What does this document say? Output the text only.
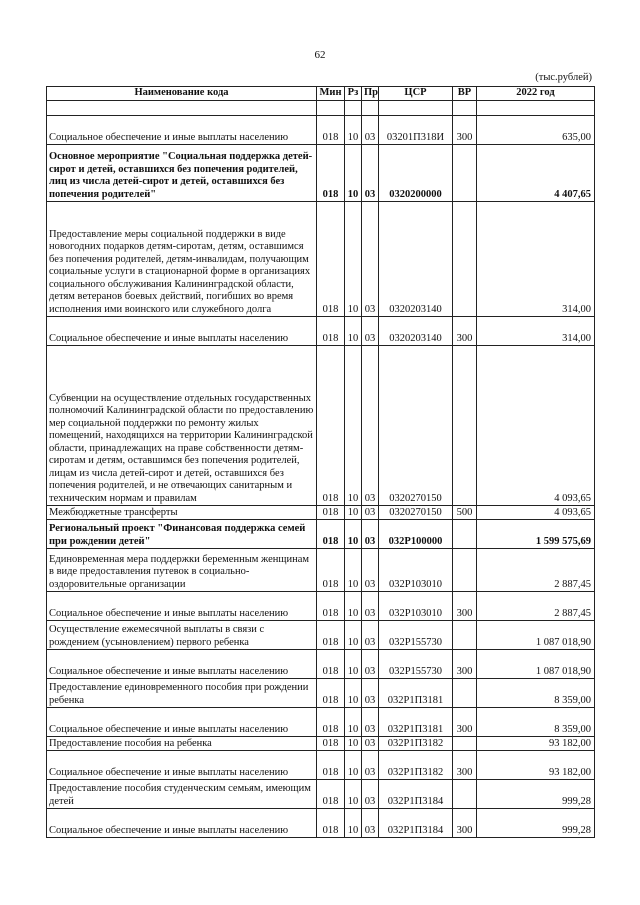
62
(тыс.рублей)
Наименование кода	Мин	Рз	Пр	ЦСР	ВР	2022 год

Социальное обеспечение и иные выплаты населению	018	10	03	03201П318И	300	635,00
Основное мероприятие "Социальная поддержка детей-сирот и детей, оставшихся без попечения родителей, лиц из числа детей-сирот и детей, оставшихся без попечения родителей"	018	10	03	0320200000		4 407,65
Предоставление меры социальной поддержки в виде новогодних подарков детям-сиротам, детям, оставшимся без попечения родителей, детям-инвалидам, получающим социальные услуги в стационарной форме в организациях социального обслуживания Калининградской области, детям ветеранов боевых действий, погибших во время исполнения ими воинского или служебного долга	018	10	03	0320203140		314,00
Социальное обеспечение и иные выплаты населению	018	10	03	0320203140	300	314,00
Субвенции на осуществление отдельных государственных полномочий Калининградской области по предоставлению мер социальной поддержки по ремонту жилых помещений, находящихся на территории Калининградской области, принадлежащих на праве собственности детям-сиротам и детям, оставшимся без попечения родителей, лицам из числа детей-сирот и детей, оставшихся без попечения родителей, и не отвечающих санитарным и техническим нормам и правилам	018	10	03	0320270150		4 093,65
Межбюджетные трансферты	018	10	03	0320270150	500	4 093,65
Региональный проект "Финансовая поддержка семей при рождении детей"	018	10	03	032P100000		1 599 575,69
Единовременная мера поддержки беременным женщинам в виде предоставления путевок в социально-оздоровительные организации	018	10	03	032P103010		2 887,45
Социальное обеспечение и иные выплаты населению	018	10	03	032P103010	300	2 887,45
Осуществление ежемесячной выплаты в связи с рождением (усыновлением) первого ребенка	018	10	03	032P155730		1 087 018,90
Социальное обеспечение и иные выплаты населению	018	10	03	032P155730	300	1 087 018,90
Предоставление единовременного пособия при рождении ребенка	018	10	03	032P1П3181		8 359,00
Социальное обеспечение и иные выплаты населению	018	10	03	032P1П3181	300	8 359,00
Предоставление пособия на ребенка	018	10	03	032P1П3182		93 182,00
Социальное обеспечение и иные выплаты населению	018	10	03	032P1П3182	300	93 182,00
Предоставление пособия студенческим семьям, имеющим детей	018	10	03	032P1П3184		999,28
Социальное обеспечение и иные выплаты населению	018	10	03	032P1П3184	300	999,28
